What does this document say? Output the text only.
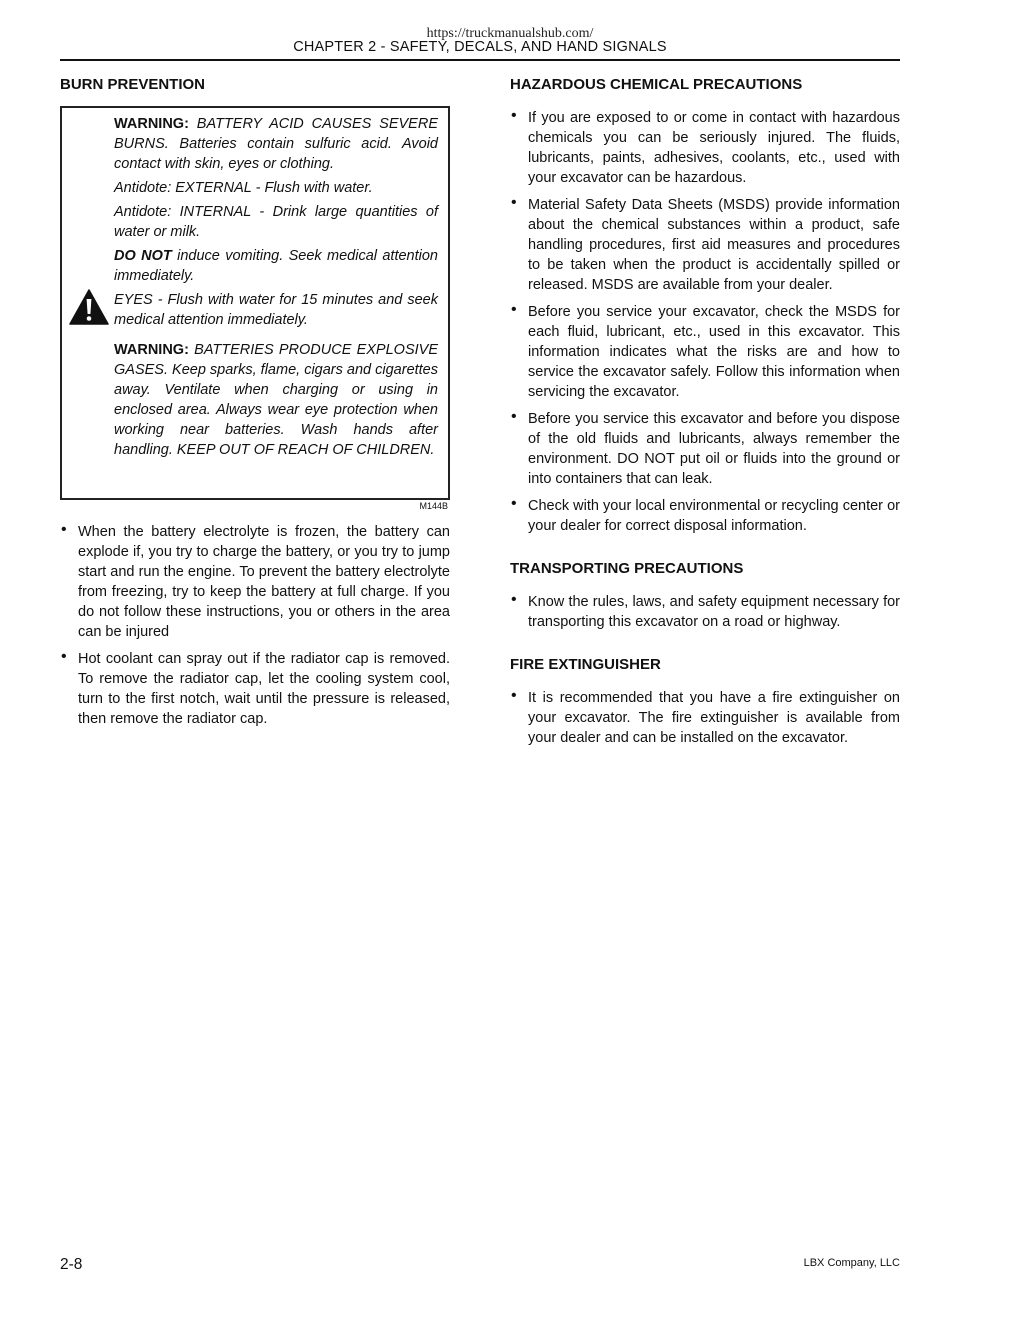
https://truckmanualshub.com/
CHAPTER 2 - SAFETY, DECALS, AND HAND SIGNALS
BURN PREVENTION

WARNING: BATTERY ACID CAUSES SEVERE BURNS. Batteries contain sulfuric acid. Avoid contact with skin, eyes or clothing.

Antidote: EXTERNAL - Flush with water.

Antidote: INTERNAL - Drink large quantities of water or milk.

DO NOT induce vomiting. Seek medical attention immediately.

EYES - Flush with water for 15 minutes and seek medical attention immediately.

WARNING: BATTERIES PRODUCE EXPLOSIVE GASES. Keep sparks, flame, cigars and cigarettes away. Ventilate when charging or using in enclosed area. Always wear eye protection when working near batteries. Wash hands after handling. KEEP OUT OF REACH OF CHILDREN.

M144B
• When the battery electrolyte is frozen, the battery can explode if, you try to charge the battery, or you try to jump start and run the engine. To prevent the battery electrolyte from freezing, try to keep the battery at full charge. If you do not follow these instructions, you or others in the area can be injured
• Hot coolant can spray out if the radiator cap is removed. To remove the radiator cap, let the cooling system cool, turn to the first notch, wait until the pressure is released, then remove the radiator cap.
HAZARDOUS CHEMICAL PRECAUTIONS
• If you are exposed to or come in contact with hazardous chemicals you can be seriously injured. The fluids, lubricants, paints, adhesives, coolants, etc., used with your excavator can be hazardous.
• Material Safety Data Sheets (MSDS) provide information about the chemical substances within a product, safe handling procedures, first aid measures and procedures to be taken when the product is accidentally spilled or released. MSDS are available from your dealer.
• Before you service your excavator, check the MSDS for each fluid, lubricant, etc., used in this excavator. This information indicates what the risks are and how to service the excavator safely. Follow this information when servicing the excavator.
• Before you service this excavator and before you dispose of the old fluids and lubricants, always remember the environment. DO NOT put oil or fluids into the ground or into containers that can leak.
• Check with your local environmental or recycling center or your dealer for correct disposal information.
TRANSPORTING PRECAUTIONS
• Know the rules, laws, and safety equipment necessary for transporting this excavator on a road or highway.
FIRE EXTINGUISHER
• It is recommended that you have a fire extinguisher on your excavator. The fire extinguisher is available from your dealer and can be installed on the excavator.
2-8	LBX Company, LLC
